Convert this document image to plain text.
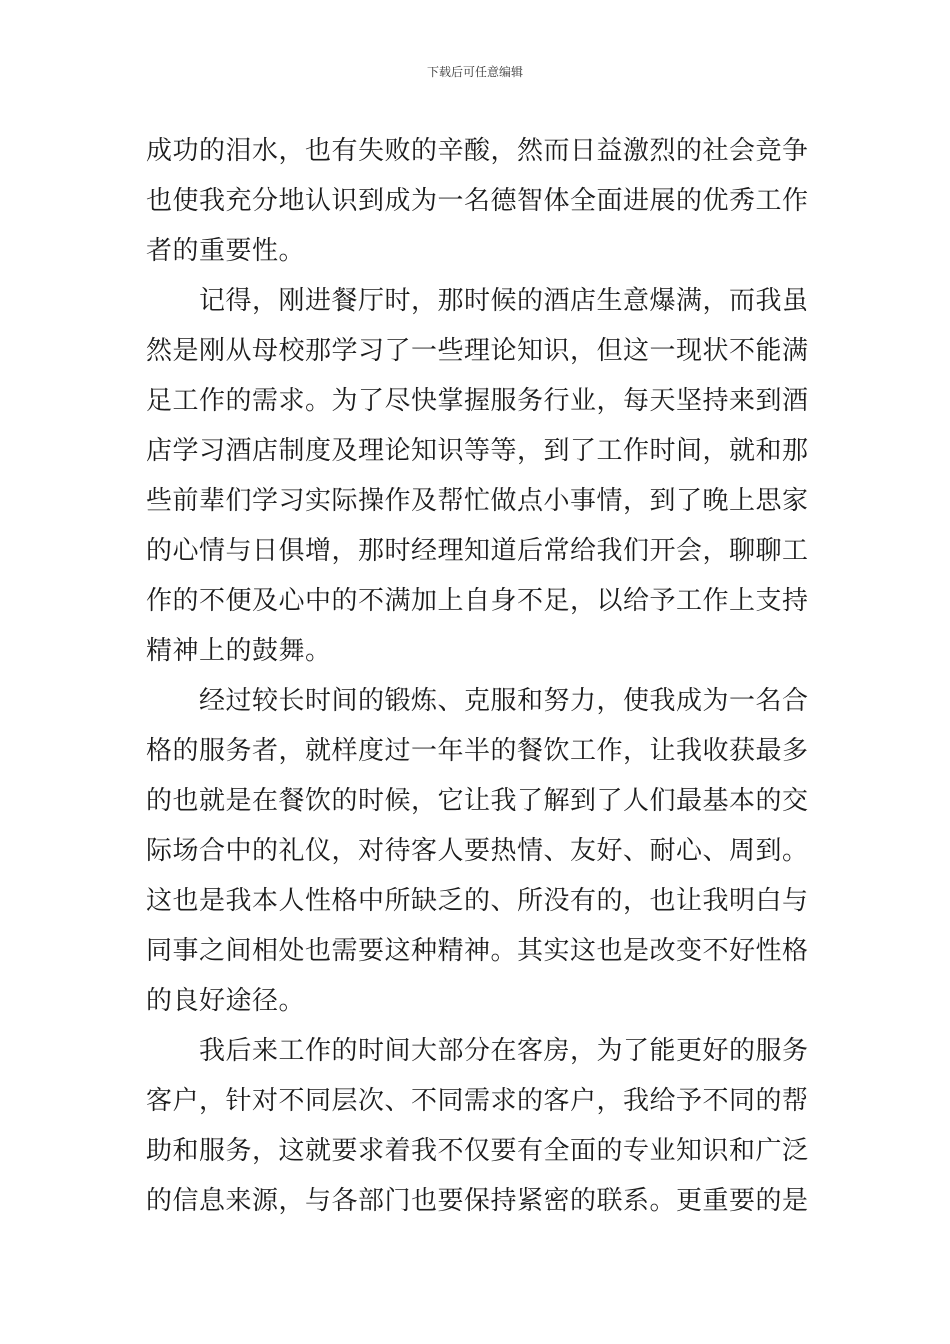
下载后可任意编辑
成功的泪水，也有失败的辛酸，然而日益激烈的社会竞争
也使我充分地认识到成为一名德智体全面进展的优秀工作
者的重要性。
　　记得，刚进餐厅时，那时候的酒店生意爆满，而我虽
然是刚从母校那学习了一些理论知识，但这一现状不能满
足工作的需求。为了尽快掌握服务行业，每天坚持来到酒
店学习酒店制度及理论知识等等，到了工作时间，就和那
些前辈们学习实际操作及帮忙做点小事情，到了晚上思家
的心情与日俱增，那时经理知道后常给我们开会，聊聊工
作的不便及心中的不满加上自身不足，以给予工作上支持
精神上的鼓舞。
　　经过较长时间的锻炼、克服和努力，使我成为一名合
格的服务者，就样度过一年半的餐饮工作，让我收获最多
的也就是在餐饮的时候，它让我了解到了人们最基本的交
际场合中的礼仪，对待客人要热情、友好、耐心、周到。
这也是我本人性格中所缺乏的、所没有的，也让我明白与
同事之间相处也需要这种精神。其实这也是改变不好性格
的良好途径。
　　我后来工作的时间大部分在客房，为了能更好的服务
客户，针对不同层次、不同需求的客户，我给予不同的帮
助和服务，这就要求着我不仅要有全面的专业知识和广泛
的信息来源，与各部门也要保持紧密的联系。更重要的是
